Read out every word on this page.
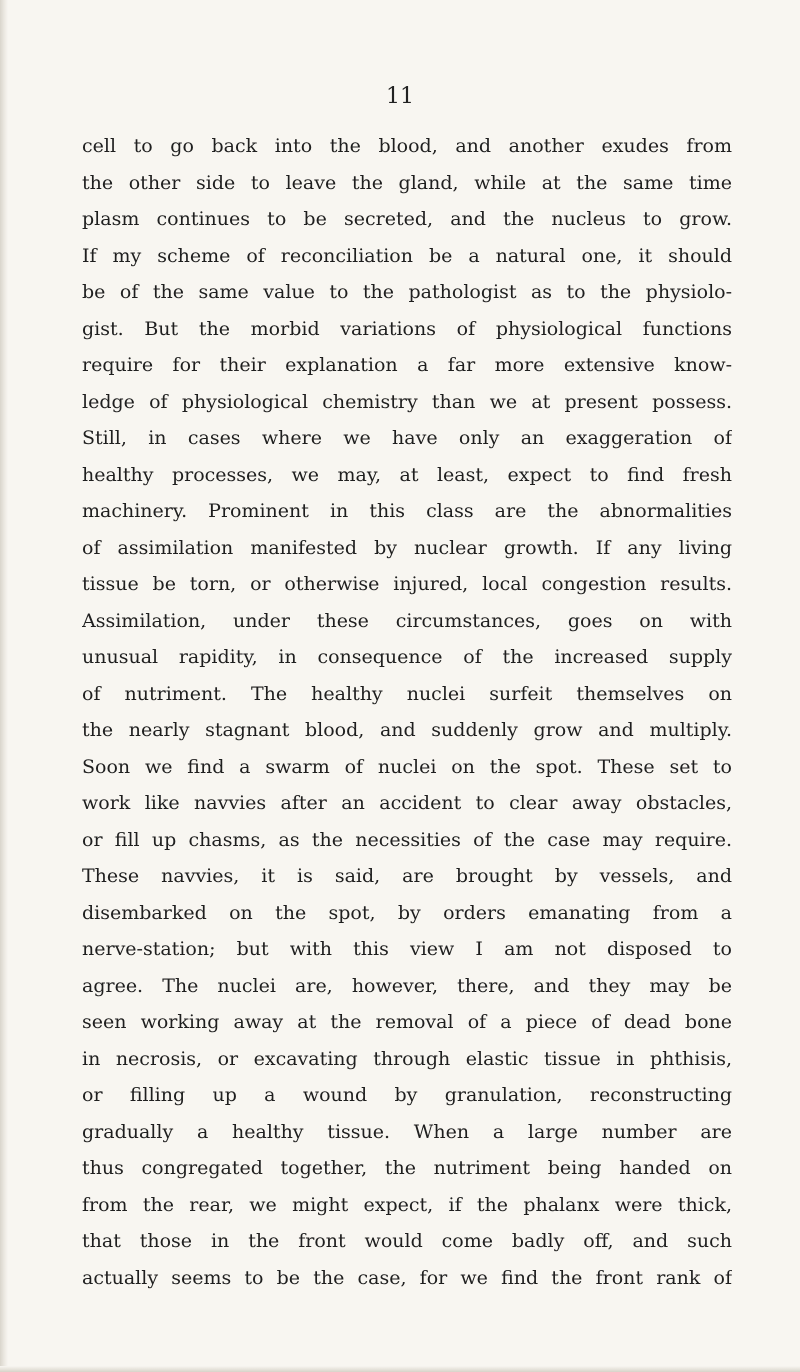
11
cell to go back into the blood, and another exudes from
the other side to leave the gland, while at the same time
plasm continues to be secreted, and the nucleus to grow.
If my scheme of reconciliation be a natural one, it should
be of the same value to the pathologist as to the physiolo-
gist. But the morbid variations of physiological functions
require for their explanation a far more extensive know-
ledge of physiological chemistry than we at present possess.
Still, in cases where we have only an exaggeration of
healthy processes, we may, at least, expect to find fresh
machinery. Prominent in this class are the abnormalities
of assimilation manifested by nuclear growth. If any living
tissue be torn, or otherwise injured, local congestion results.
Assimilation, under these circumstances, goes on with
unusual rapidity, in consequence of the increased supply
of nutriment. The healthy nuclei surfeit themselves on
the nearly stagnant blood, and suddenly grow and multiply.
Soon we find a swarm of nuclei on the spot. These set to
work like navvies after an accident to clear away obstacles,
or fill up chasms, as the necessities of the case may require.
These navvies, it is said, are brought by vessels, and
disembarked on the spot, by orders emanating from a
nerve-station; but with this view I am not disposed to
agree. The nuclei are, however, there, and they may be
seen working away at the removal of a piece of dead bone
in necrosis, or excavating through elastic tissue in phthisis,
or filling up a wound by granulation, reconstructing
gradually a healthy tissue. When a large number are
thus congregated together, the nutriment being handed on
from the rear, we might expect, if the phalanx were thick,
that those in the front would come badly off, and such
actually seems to be the case, for we find the front rank of
